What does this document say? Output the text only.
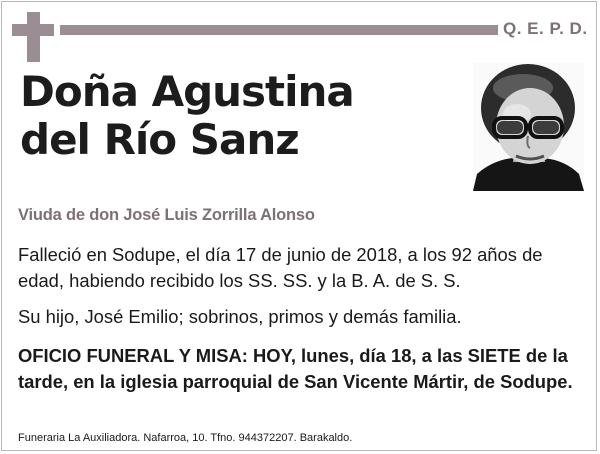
Q. E. P. D.
Doña Agustina
del Río Sanz
Viuda de don José Luis Zorrilla Alonso
Falleció en Sodupe, el día 17 de junio de 2018, a los 92 años de edad, habiendo recibido los SS. SS. y la B. A. de S. S.
Su hijo, José Emilio; sobrinos, primos y demás familia.
OFICIO FUNERAL Y MISA: HOY, lunes, día 18, a las SIETE de la tarde, en la iglesia parroquial de San Vicente Mártir, de Sodupe.
Funeraria La Auxiliadora. Nafarroa, 10. Tfno. 944372207. Barakaldo.
